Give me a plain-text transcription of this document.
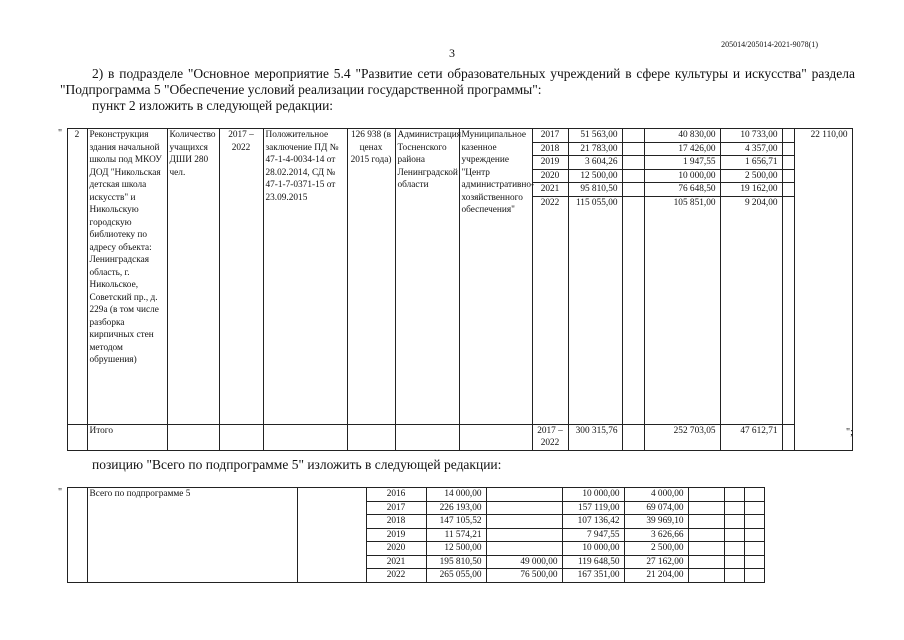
205014/205014-2021-9078(1)
3
2) в подразделе "Основное мероприятие 5.4 "Развитие сети образовательных учреждений в сфере культуры и искусства" раздела "Подпрограмма 5 "Обеспечение условий реализации государственной программы":
пункт 2 изложить в следующей редакции:
"
	2	Реконструкция здания начальной школы под МКОУ ДОД "Никольская детская школа искусств" и Никольскую городскую библиотеку по адресу объекта: Ленинградская область, г. Никольское, Советский пр., д. 229а (в том числе разборка кирпичных стен методом обрушения)	Количество учащихся ДШИ 280 чел.	2017 – 2022	Положительное заключение ПД № 47-1-4-0034-14 от 28.02.2014, СД № 47-1-7-0371-15 от 23.09.2015	126 938 (в ценах 2015 года)	Администрация Тосненского района Ленинградской области	Муниципальное казенное учреждение "Центр административно-хозяйственного обеспечения"	2017	51 563,00		40 830,00	10 733,00		22 110,00
									2018	21 783,00		17 426,00	4 357,00		
									2019	3 604,26		1 947,55	1 656,71		
									2020	12 500,00		10 000,00	2 500,00		
									2021	95 810,50		76 648,50	19 162,00		
									2022	115 055,00		105 851,00	9 204,00		
		Итого							2017 – 2022	300 315,76		252 703,05	47 612,71			";
позицию "Всего по подпрограмме 5" изложить в следующей редакции:
"
			Всего по подпрограмме 5		2016	14 000,00		10 000,00	4 000,00				
				2017	226 193,00		157 119,00	69 074,00				
				2018	147 105,52		107 136,42	39 969,10				
				2019	11 574,21		7 947,55	3 626,66				
				2020	12 500,00		10 000,00	2 500,00				
				2021	195 810,50	49 000,00	119 648,50	27 162,00				
				2022	265 055,00	76 500,00	167 351,00	21 204,00				
